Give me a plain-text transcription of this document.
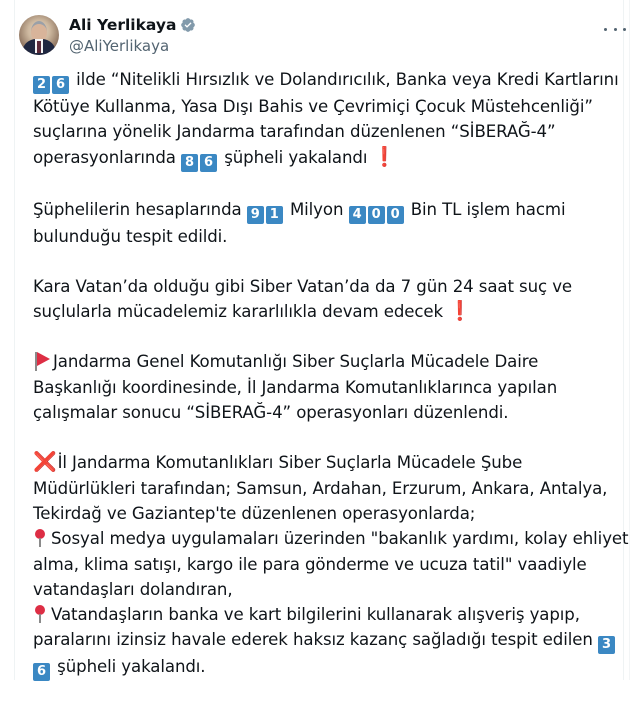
Ali Yerlikaya
@AliYerlikaya
2 6 ilde “Nitelikli Hırsızlık ve Dolandırıcılık, Banka veya Kredi Kartlarını
Kötüye Kullanma, Yasa Dışı Bahis ve Çevrimiçi Çocuk Müstehcenliği”
suçlarına yönelik Jandarma tarafından düzenlenen “SİBERAĞ-4”
operasyonlarında 8 6 şüpheli yakalandı ❗
Şüphelilerin hesaplarında 9 1 Milyon 4 0 0 Bin TL işlem hacmi
bulunduğu tespit edildi.
Kara Vatan’da olduğu gibi Siber Vatan’da da 7 gün 24 saat suç ve
suçlularla mücadelemiz kararlılıkla devam edecek ❗
Jandarma Genel Komutanlığı Siber Suçlarla Mücadele Daire
Başkanlığı koordinesinde, İl Jandarma Komutanlıklarınca yapılan
çalışmalar sonucu “SİBERAĞ-4” operasyonları düzenlendi.
❌İl Jandarma Komutanlıkları Siber Suçlarla Mücadele Şube
Müdürlükleri tarafından; Samsun, Ardahan, Erzurum, Ankara, Antalya,
Tekirdağ ve Gaziantep'te düzenlenen operasyonlarda;
Sosyal medya uygulamaları üzerinden "bakanlık yardımı, kolay ehliyet
alma, klima satışı, kargo ile para gönderme ve ucuza tatil" vaadiyle
vatandaşları dolandıran,
Vatandaşların banka ve kart bilgilerini kullanarak alışveriş yapıp,
paralarını izinsiz havale ederek haksız kazanç sağladığı tespit edilen 3
6 şüpheli yakalandı.
